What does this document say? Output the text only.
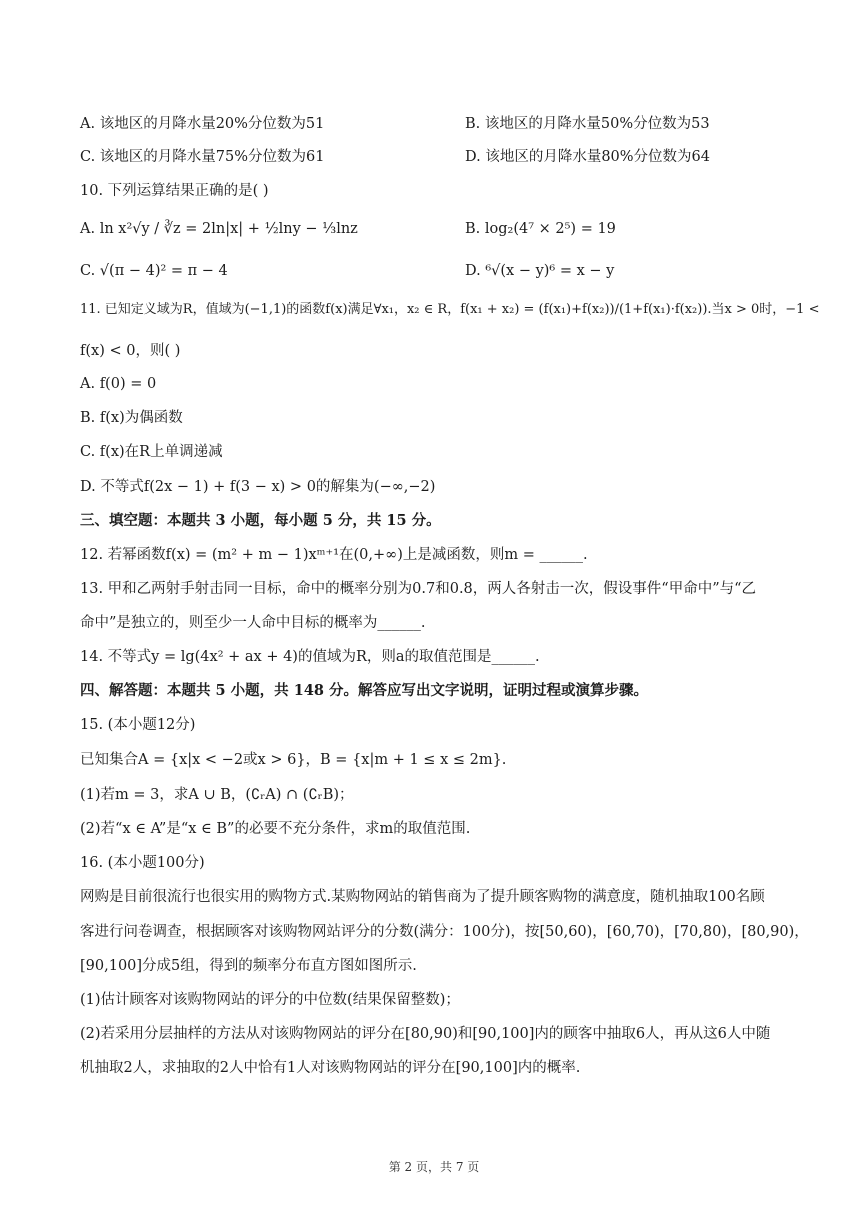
A. 该地区的月降水量20%分位数为51	B. 该地区的月降水量50%分位数为53
C. 该地区的月降水量75%分位数为61	D. 该地区的月降水量80%分位数为64
10. 下列运算结果正确的是( )
A. ln x²√y / ∛z = 2ln|x| + ½lny − ⅓lnz	B. log₂(4⁷ × 2⁵) = 19
C. √(π − 4)² = π − 4	D. ⁶√(x − y)⁶ = x − y
11. 已知定义域为R，值域为(−1,1)的函数f(x)满足∀x₁，x₂ ∈ R，f(x₁ + x₂) = (f(x₁)+f(x₂))/(1+f(x₁)·f(x₂)).当x > 0时，−1 <
f(x) < 0，则( )
A. f(0) = 0
B. f(x)为偶函数
C. f(x)在R上单调递减
D. 不等式f(2x − 1) + f(3 − x) > 0的解集为(−∞,−2)
三、填空题：本题共 3 小题，每小题 5 分，共 15 分。
12. 若幂函数f(x) = (m² + m − 1)xᵐ⁺¹在(0,+∞)上是减函数，则m = ______.
13. 甲和乙两射手射击同一目标，命中的概率分别为0.7和0.8，两人各射击一次，假设事件“甲命中”与“乙
命中”是独立的，则至少一人命中目标的概率为______.
14. 不等式y = lg(4x² + ax + 4)的值域为R，则a的取值范围是______.
四、解答题：本题共 5 小题，共 148 分。解答应写出文字说明，证明过程或演算步骤。
15. (本小题12分)
已知集合A = {x|x < −2或x > 6}，B = {x|m + 1 ≤ x ≤ 2m}.
(1)若m = 3，求A ∪ B，(∁ᵣA) ∩ (∁ᵣB)；
(2)若“x ∈ A”是“x ∈ B”的必要不充分条件，求m的取值范围.
16. (本小题100分)
网购是目前很流行也很实用的购物方式.某购物网站的销售商为了提升顾客购物的满意度，随机抽取100名顾
客进行问卷调查，根据顾客对该购物网站评分的分数(满分：100分)，按[50,60)，[60,70)，[70,80)，[80,90)，
[90,100]分成5组，得到的频率分布直方图如图所示.
(1)估计顾客对该购物网站的评分的中位数(结果保留整数)；
(2)若采用分层抽样的方法从对该购物网站的评分在[80,90)和[90,100]内的顾客中抽取6人，再从这6人中随
机抽取2人，求抽取的2人中恰有1人对该购物网站的评分在[90,100]内的概率.
第 2 页，共 7 页
